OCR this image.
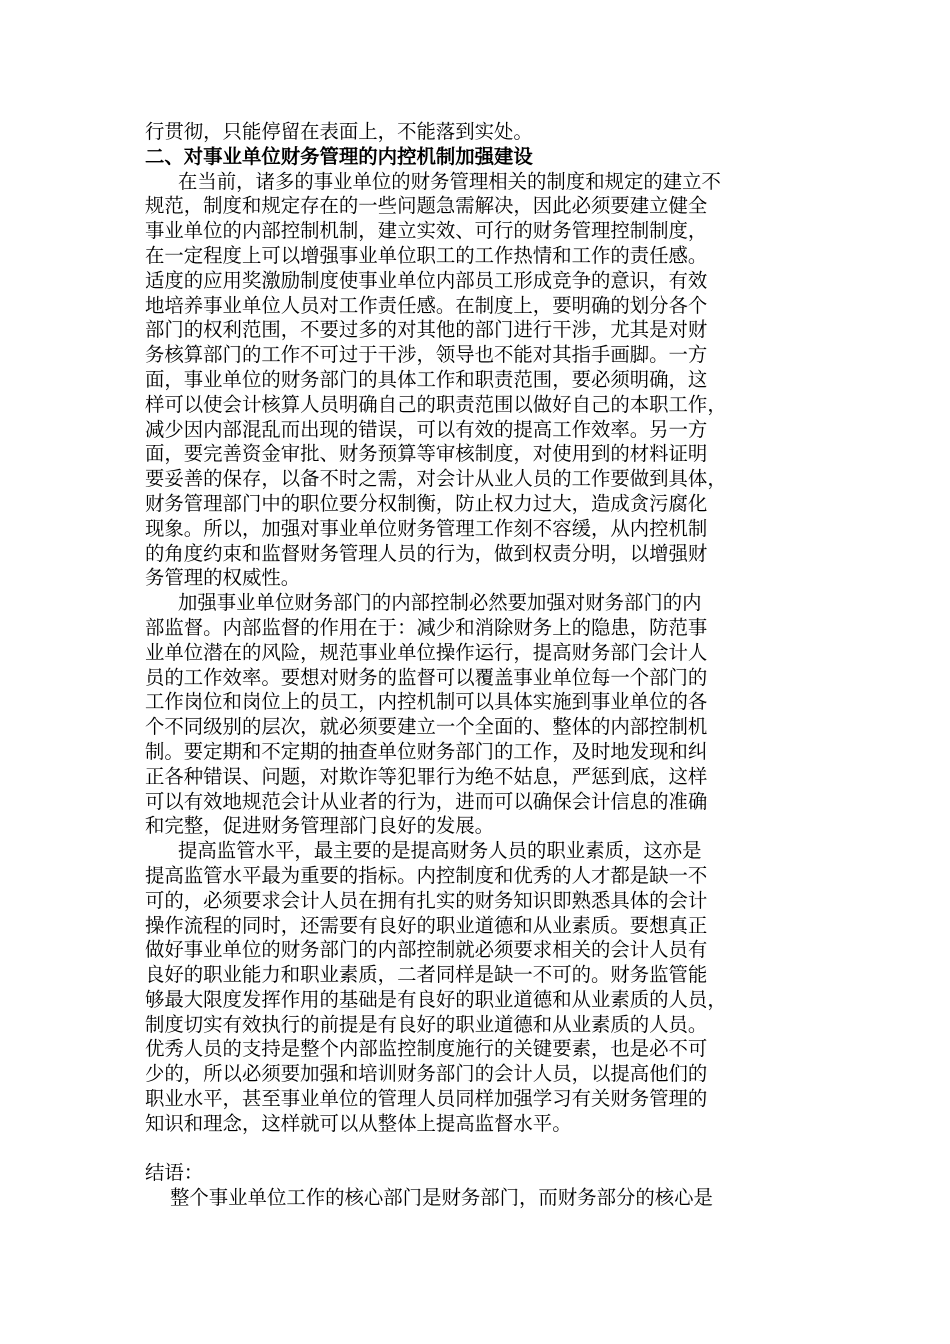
行贯彻，只能停留在表面上，不能落到实处。
二、对事业单位财务管理的内控机制加强建设
在当前，诸多的事业单位的财务管理相关的制度和规定的建立不
规范，制度和规定存在的一些问题急需解决，因此必须要建立健全
事业单位的内部控制机制，建立实效、可行的财务管理控制制度，
在一定程度上可以增强事业单位职工的工作热情和工作的责任感。
适度的应用奖激励制度使事业单位内部员工形成竞争的意识，有效
地培养事业单位人员对工作责任感。在制度上，要明确的划分各个
部门的权利范围，不要过多的对其他的部门进行干涉，尤其是对财
务核算部门的工作不可过于干涉，领导也不能对其指手画脚。一方
面，事业单位的财务部门的具体工作和职责范围，要必须明确，这
样可以使会计核算人员明确自己的职责范围以做好自己的本职工作，
减少因内部混乱而出现的错误，可以有效的提高工作效率。另一方
面，要完善资金审批、财务预算等审核制度，对使用到的材料证明
要妥善的保存，以备不时之需，对会计从业人员的工作要做到具体，
财务管理部门中的职位要分权制衡，防止权力过大，造成贪污腐化
现象。所以，加强对事业单位财务管理工作刻不容缓，从内控机制
的角度约束和监督财务管理人员的行为，做到权责分明，以增强财
务管理的权威性。
加强事业单位财务部门的内部控制必然要加强对财务部门的内
部监督。内部监督的作用在于：减少和消除财务上的隐患，防范事
业单位潜在的风险，规范事业单位操作运行，提高财务部门会计人
员的工作效率。要想对财务的监督可以覆盖事业单位每一个部门的
工作岗位和岗位上的员工，内控机制可以具体实施到事业单位的各
个不同级别的层次，就必须要建立一个全面的、整体的内部控制机
制。要定期和不定期的抽查单位财务部门的工作，及时地发现和纠
正各种错误、问题，对欺诈等犯罪行为绝不姑息，严惩到底，这样
可以有效地规范会计从业者的行为，进而可以确保会计信息的准确
和完整，促进财务管理部门良好的发展。
提高监管水平，最主要的是提高财务人员的职业素质，这亦是
提高监管水平最为重要的指标。内控制度和优秀的人才都是缺一不
可的，必须要求会计人员在拥有扎实的财务知识即熟悉具体的会计
操作流程的同时，还需要有良好的职业道德和从业素质。要想真正
做好事业单位的财务部门的内部控制就必须要求相关的会计人员有
良好的职业能力和职业素质，二者同样是缺一不可的。财务监管能
够最大限度发挥作用的基础是有良好的职业道德和从业素质的人员，
制度切实有效执行的前提是有良好的职业道德和从业素质的人员。
优秀人员的支持是整个内部监控制度施行的关键要素，也是必不可
少的，所以必须要加强和培训财务部门的会计人员，以提高他们的
职业水平，甚至事业单位的管理人员同样加强学习有关财务管理的
知识和理念，这样就可以从整体上提高监督水平。
结语：
整个事业单位工作的核心部门是财务部门，而财务部分的核心是
